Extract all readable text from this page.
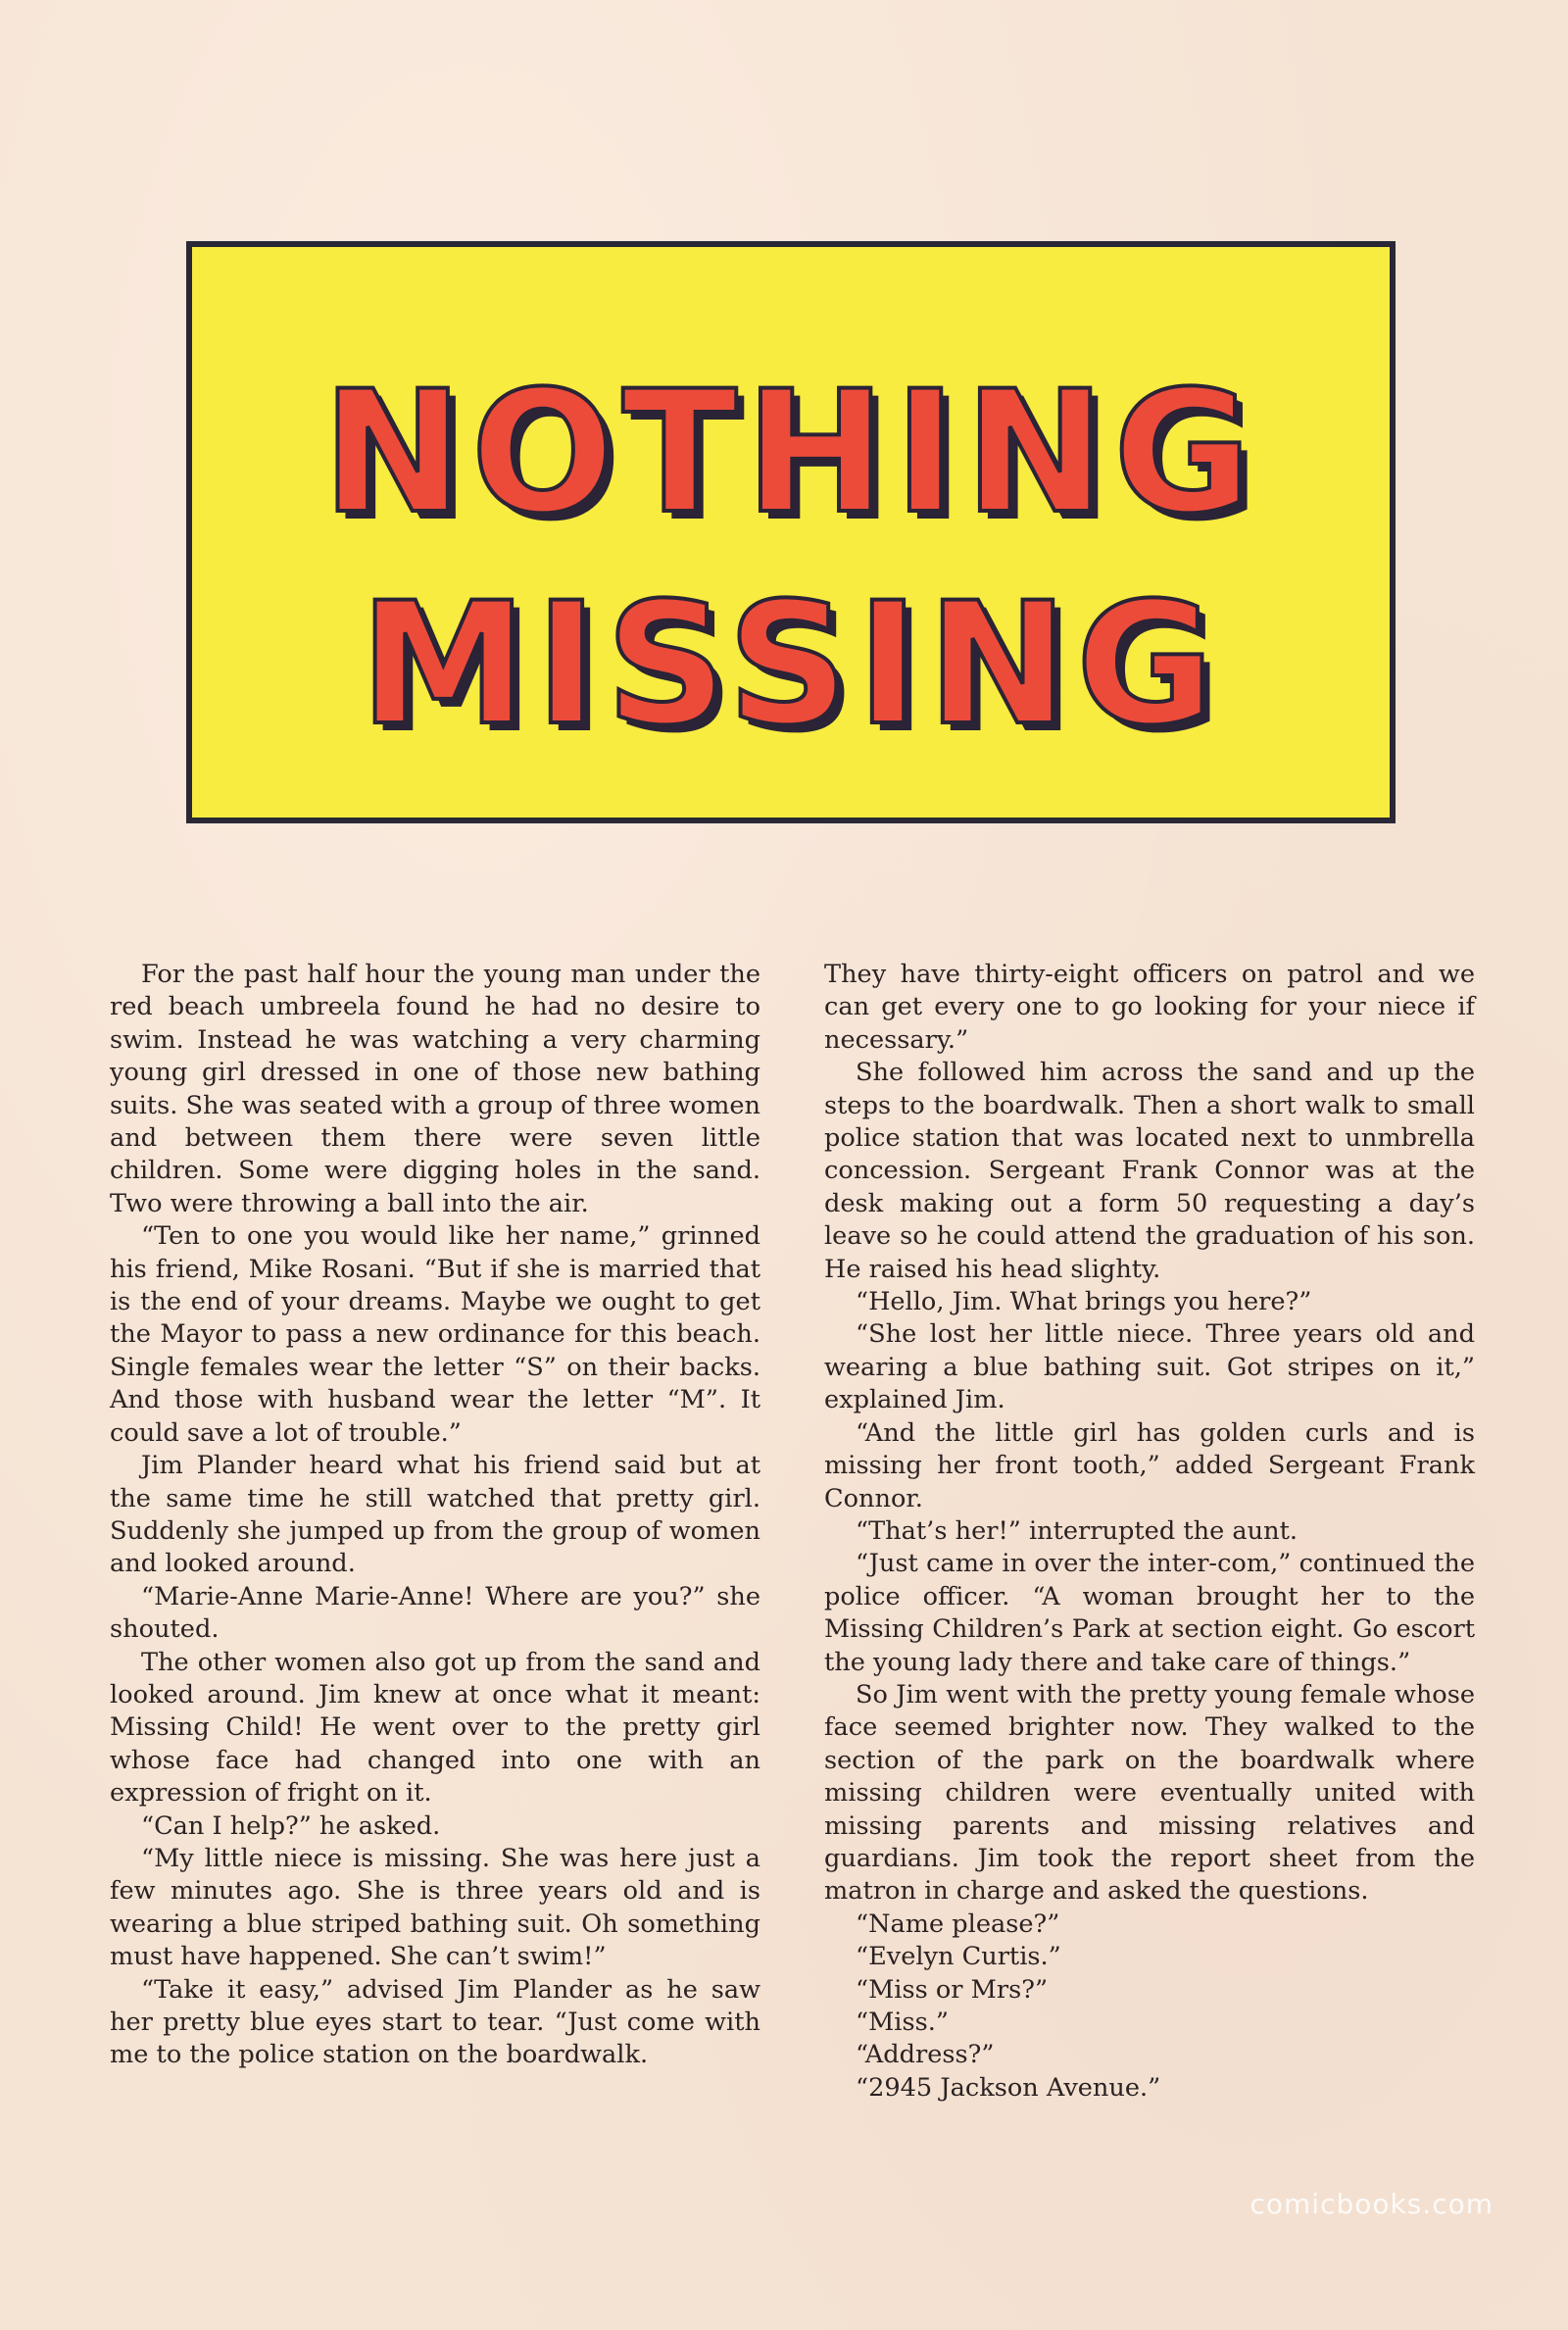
NOTHING
MISSING

For the past half hour the young man under the red beach umbreela found he had no desire to swim. Instead he was watching a very charming young girl dressed in one of those new bathing suits. She was seated with a group of three women and between them there were seven little children. Some were digging holes in the sand. Two were throwing a ball into the air.

“Ten to one you would like her name,” grinned his friend, Mike Rosani. “But if she is married that is the end of your dreams. Maybe we ought to get the Mayor to pass a new ordinance for this beach. Single females wear the letter “S” on their backs. And those with husband wear the letter “M”. It could save a lot of trouble.”

Jim Plander heard what his friend said but at the same time he still watched that pretty girl. Suddenly she jumped up from the group of women and looked around.

“Marie-Anne Marie-Anne! Where are you?” she shouted.

The other women also got up from the sand and looked around. Jim knew at once what it meant: Missing Child! He went over to the pretty girl whose face had changed into one with an expression of fright on it.

“Can I help?” he asked.

“My little niece is missing. She was here just a few minutes ago. She is three years old and is wearing a blue striped bathing suit. Oh something must have happened. She can’t swim!”

“Take it easy,” advised Jim Plander as he saw her pretty blue eyes start to tear. “Just come with me to the police station on the boardwalk.

They have thirty-eight officers on patrol and we can get every one to go looking for your niece if necessary.”

She followed him across the sand and up the steps to the boardwalk. Then a short walk to small police station that was located next to unmbrella concession. Sergeant Frank Connor was at the desk making out a form 50 requesting a day’s leave so he could attend the graduation of his son. He raised his head slighty.

“Hello, Jim. What brings you here?”

“She lost her little niece. Three years old and wearing a blue bathing suit. Got stripes on it,” explained Jim.

“And the little girl has golden curls and is missing her front tooth,” added Sergeant Frank Connor.

“That’s her!” interrupted the aunt.

“Just came in over the inter-com,” continued the police officer. “A woman brought her to the Missing Children’s Park at section eight. Go escort the young lady there and take care of things.”

So Jim went with the pretty young female whose face seemed brighter now. They walked to the section of the park on the boardwalk where missing children were eventually united with missing parents and missing relatives and guardians. Jim took the report sheet from the matron in charge and asked the questions.

“Name please?”

“Evelyn Curtis.”

“Miss or Mrs?”

“Miss.”

“Address?”

“2945 Jackson Avenue.”

comicbooks.com
